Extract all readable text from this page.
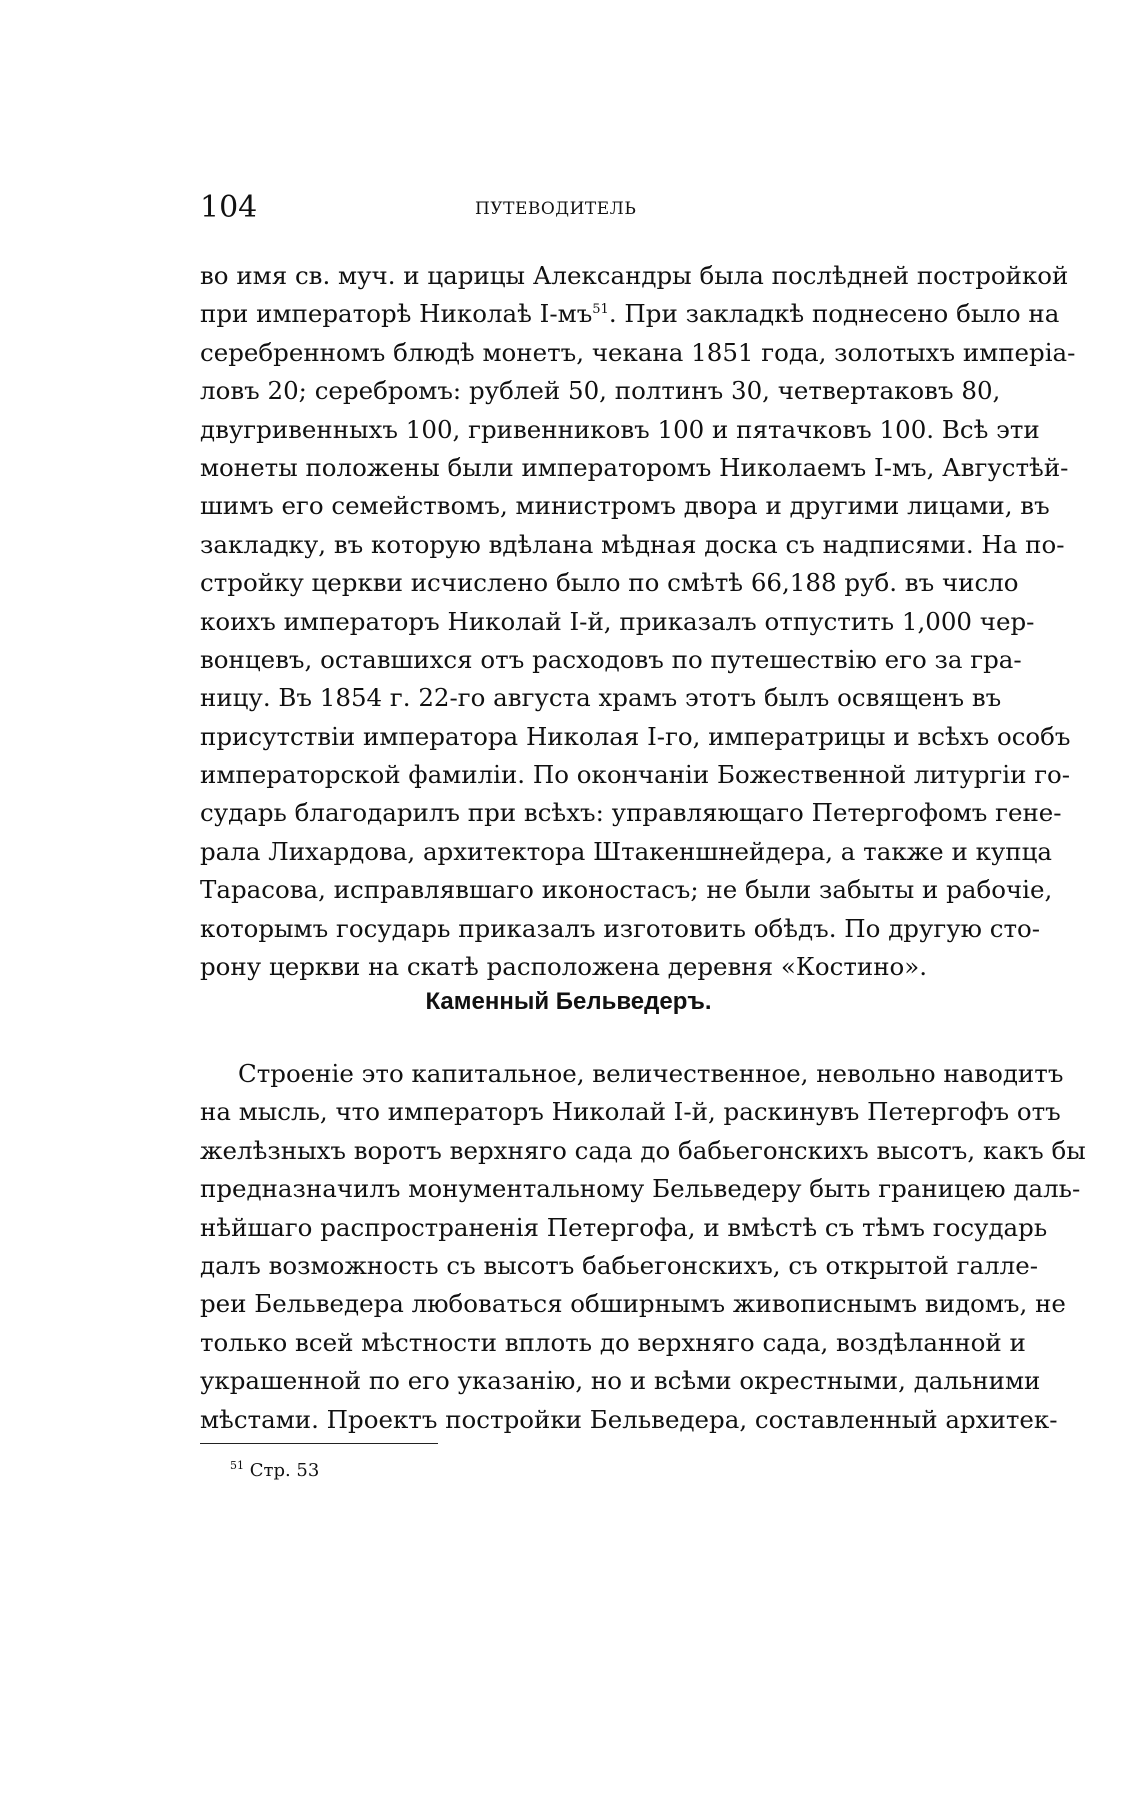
104	ПУТЕВОДИТЕЛЬ
во имя св. муч. и царицы Александры была послѣдней постройкой
при императорѣ Николаѣ I-мъ$^{51}$. При закладкѣ поднесено было на
серебренномъ блюдѣ монетъ, чекана 1851 года, золотыхъ импеpiа-
ловъ 20; серебромъ: рублей 50, полтинъ 30, четвертаковъ 80,
двугривенныхъ 100, гривенниковъ 100 и пятачковъ 100. Всѣ эти
монеты положены были императоромъ Николаемъ I-мъ, Августѣй-
шимъ его семействомъ, министромъ двора и другими лицами, въ
закладку, въ которую вдѣлана мѣдная доска съ надписями. На по-
стройку церкви исчислено было по смѣтѣ 66,188 руб. въ число
коихъ императоръ Николай I-й, приказалъ отпустить 1,000 чер-
вонцевъ, оставшихся отъ расходовъ по путешествiю его за гра-
ницу. Въ 1854 г. 22-го августа храмъ этотъ былъ освященъ въ
присутствiи императора Николая I-го, императрицы и всѣхъ особъ
императорской фамилiи. По окончанiи Божественной литургiи го-
сударь благодарилъ при всѣхъ: управляющаго Петергофомъ гене-
рала Лихардова, архитектора Штакеншнейдера, а также и купца
Тарасова, исправлявшаго иконостасъ; не были забыты и рабочiе,
которымъ государь приказалъ изготовить обѣдъ. По другую сто-
рону церкви на скатѣ расположена деревня «Костино».
Каменный Бельведеръ.
Строенiе это капитальное, величественное, невольно наводитъ
на мысль, что императоръ Николай I-й, раскинувъ Петергофъ отъ
желѣзныхъ воротъ верхняго сада до бабьегонскихъ высотъ, какъ бы
предназначилъ монументальному Бельведеру быть границею даль-
нѣйшаго распространенiя Петергофа, и вмѣстѣ съ тѣмъ государь
далъ возможность съ высотъ бабьегонскихъ, съ открытой галле-
реи Бельведера любоваться обширнымъ живописнымъ видомъ, не
только всей мѣстности вплоть до верхняго сада, воздѣланной и
украшенной по его указанiю, но и всѣми окрестными, дальними
мѣстами. Проектъ постройки Бельведера, составленный архитек-
$^{51}$ Стр. 53
